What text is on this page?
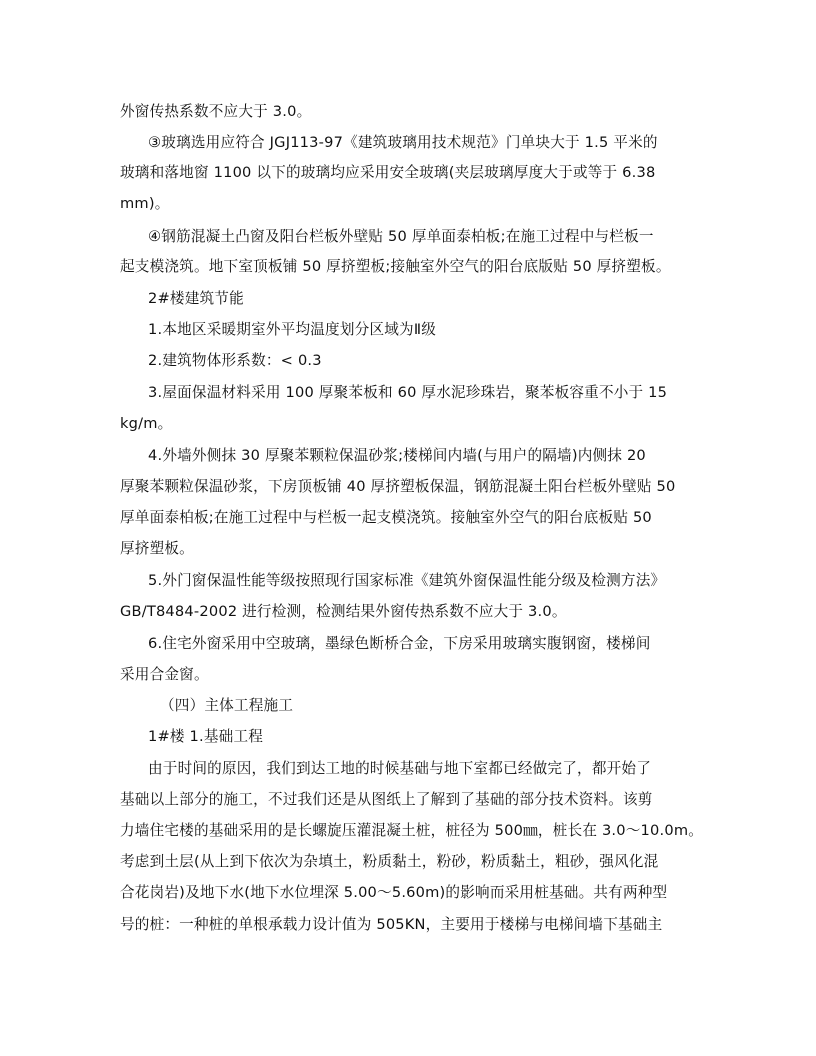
外窗传热系数不应大于 3.0。
③玻璃选用应符合 JGJ113-97《建筑玻璃用技术规范》门单块大于 1.5 平米的
玻璃和落地窗 1100 以下的玻璃均应采用安全玻璃(夹层玻璃厚度大于或等于 6.38
mm)。
④钢筋混凝土凸窗及阳台栏板外壁贴 50 厚单面泰柏板;在施工过程中与栏板一
起支模浇筑。地下室顶板铺 50 厚挤塑板;接触室外空气的阳台底版贴 50 厚挤塑板。
2#楼建筑节能
1.本地区采暖期室外平均温度划分区域为Ⅱ级
2.建筑物体形系数：< 0.3
3.屋面保温材料采用 100 厚聚苯板和 60 厚水泥珍珠岩，聚苯板容重不小于 15
kg/m。
4.外墙外侧抹 30 厚聚苯颗粒保温砂浆;楼梯间内墙(与用户的隔墙)内侧抹 20
厚聚苯颗粒保温砂浆，下房顶板铺 40 厚挤塑板保温，钢筋混凝土阳台栏板外壁贴 50
厚单面泰柏板;在施工过程中与栏板一起支模浇筑。接触室外空气的阳台底板贴 50
厚挤塑板。
5.外门窗保温性能等级按照现行国家标准《建筑外窗保温性能分级及检测方法》
GB/T8484-2002 进行检测，检测结果外窗传热系数不应大于 3.0。
6.住宅外窗采用中空玻璃，墨绿色断桥合金，下房采用玻璃实腹钢窗，楼梯间
采用合金窗。
（四）主体工程施工
1#楼 1.基础工程
由于时间的原因，我们到达工地的时候基础与地下室都已经做完了，都开始了
基础以上部分的施工，不过我们还是从图纸上了解到了基础的部分技术资料。该剪
力墙住宅楼的基础采用的是长螺旋压灌混凝土桩，桩径为 500㎜，桩长在 3.0～10.0m。
考虑到土层(从上到下依次为杂填土，粉质黏土，粉砂，粉质黏土，粗砂，强风化混
合花岗岩)及地下水(地下水位埋深 5.00～5.60m)的影响而采用桩基础。共有两种型
号的桩：一种桩的单根承载力设计值为 505KN，主要用于楼梯与电梯间墙下基础主
